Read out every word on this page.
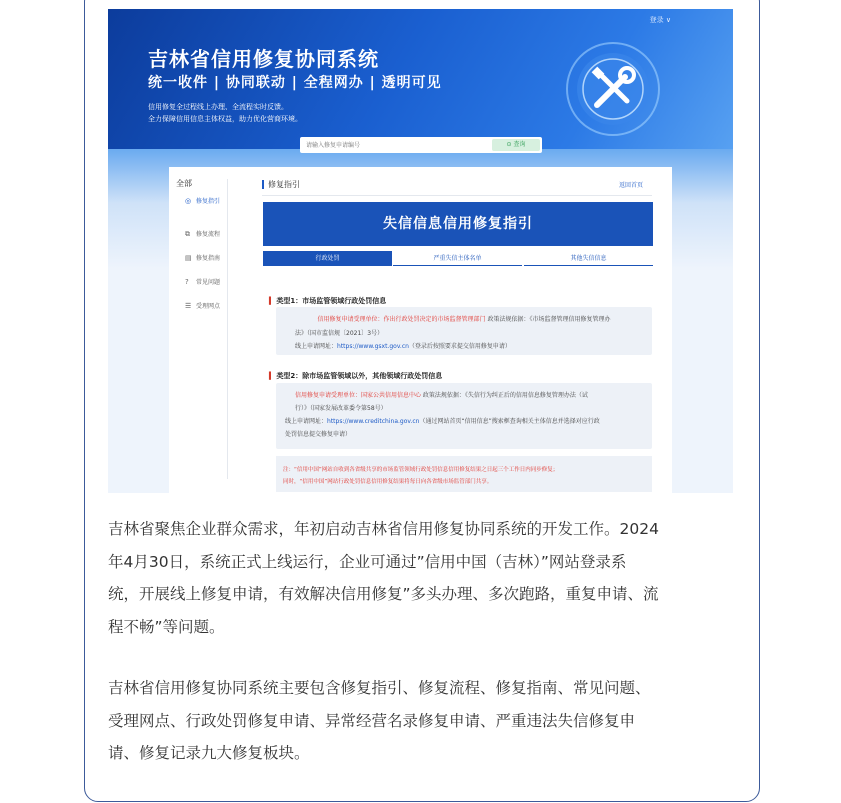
登录 ∨
吉林省信用修复协同系统
统一收件 | 协同联动 | 全程网办 | 透明可见
信用修复全过程线上办理、全流程实时反馈。
全力保障信用信息主体权益，助力优化营商环境。
请输入修复申请编号
⊙ 查询
全部
◎ 修复指引
⧉ 修复流程
▤ 修复指南
? 常见问题
☰ 受理网点
修复指引	返回首页
失信信息信用修复指引
行政处罚	严重失信主体名单	其他失信信息
▍ 类型1：市场监管领域行政处罚信息

信用修复申请受理单位：作出行政处罚决定的市场监督管理部门 政策法规依据：《市场监督管理信用修复管理办

法》（国市监信规〔2021〕3号）

线上申请网址：https://www.gsxt.gov.cn（登录后按照要求提交信用修复申请）

▍ 类型2：除市场监管领域以外，其他领域行政处罚信息

信用修复申请受理单位：国家公共信用信息中心 政策法规依据：《失信行为纠正后的信用信息修复管理办法（试

行）》（国家发展改革委令第58号）

线上申请网址：https://www.creditchina.gov.cn（通过网站首页“信用信息”搜索框查询相关主体信息并选择对应行政

处罚信息提交修复申请）

注：“信用中国”网站自收到各省级共享的市场监管领域行政处罚信息信用修复结果之日起三个工作日内同步修复；

同时，“信用中国”网站行政处罚信息信用修复结果将每日向各省级市场监管部门共享。

吉林省聚焦企业群众需求，年初启动吉林省信用修复协同系统的开发工作。2024
年4月30日，系统正式上线运行，企业可通过”信用中国（吉林）”网站登录系
统，开展线上修复申请，有效解决信用修复”多头办理、多次跑路，重复申请、流
程不畅”等问题。

吉林省信用修复协同系统主要包含修复指引、修复流程、修复指南、常见问题、
受理网点、行政处罚修复申请、异常经营名录修复申请、严重违法失信修复申
请、修复记录九大修复板块。
